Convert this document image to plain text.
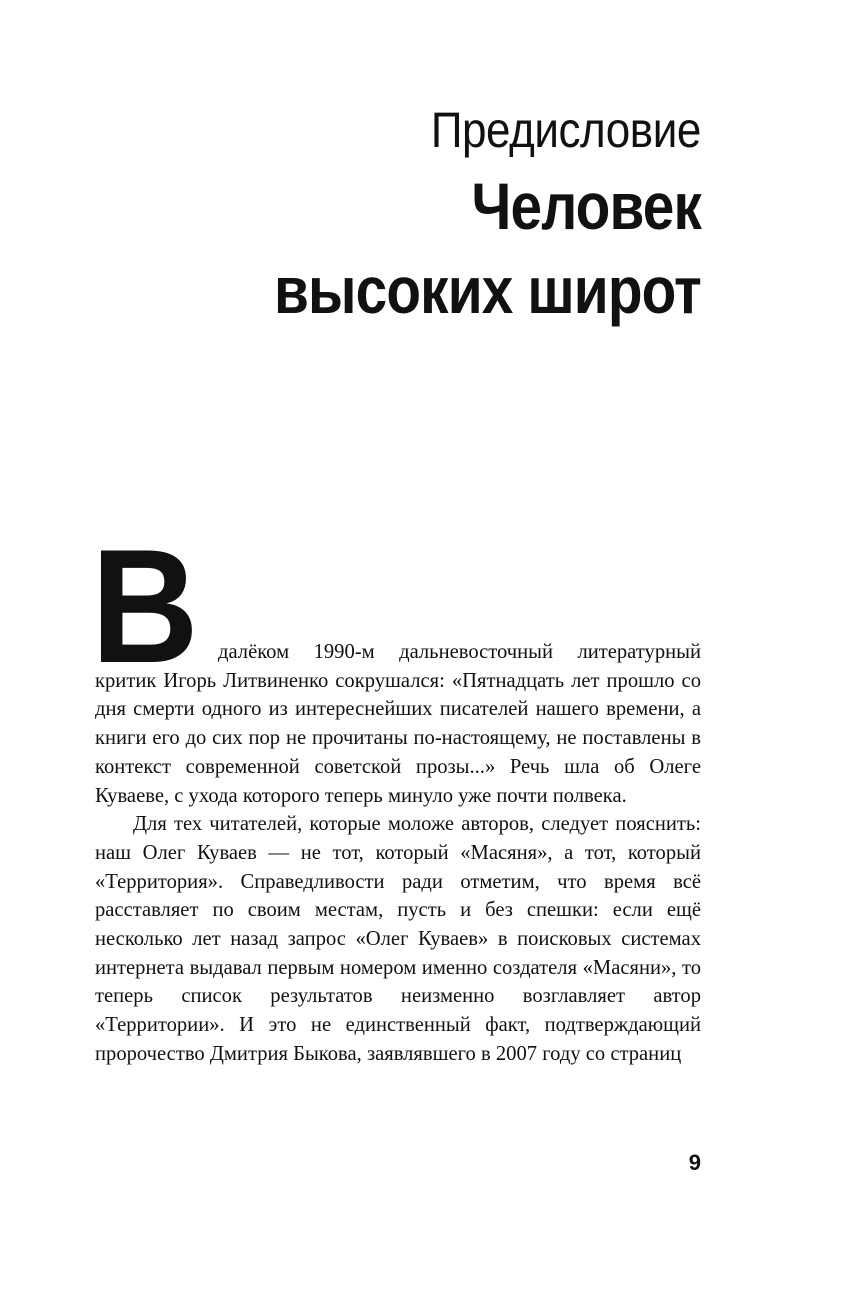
Предисловие
Человек высоких широт
В далёком 1990-м дальневосточный литературный критик Игорь Литвиненко сокрушался: «Пятнадцать лет прошло со дня смерти одного из интереснейших писателей нашего времени, а книги его до сих пор не прочитаны по-настоящему, не поставлены в контекст современной советской прозы...» Речь шла об Олеге Куваеве, с ухода которого теперь минуло уже почти полвека.

Для тех читателей, которые моложе авторов, следует пояснить: наш Олег Куваев — не тот, который «Масяня», а тот, который «Территория». Справедливости ради отметим, что время всё расставляет по своим местам, пусть и без спешки: если ещё несколько лет назад запрос «Олег Куваев» в поисковых системах интернета выдавал первым номером именно создателя «Масяни», то теперь список результатов неизменно возглавляет автор «Территории». И это не единственный факт, подтверждающий пророчество Дмитрия Быкова, заявлявшего в 2007 году со страниц

9
